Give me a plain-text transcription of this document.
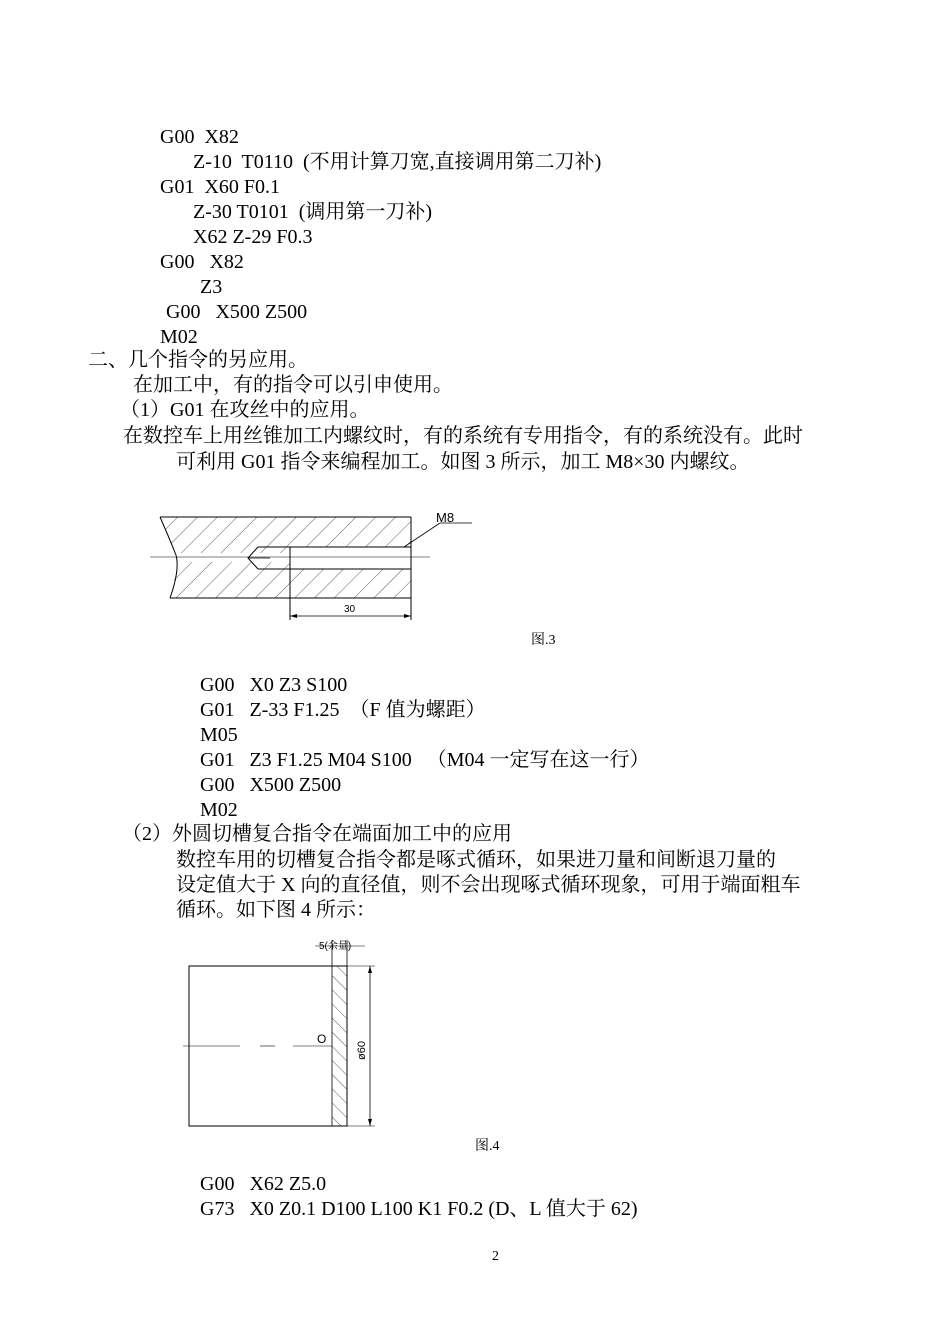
G00  X82
Z-10  T0110  (不用计算刀宽,直接调用第二刀补)
G01  X60 F0.1
Z-30 T0101  (调用第一刀补)
X62 Z-29 F0.3
G00   X82
Z3
G00   X500 Z500
M02
二、几个指令的另应用。
在加工中，有的指令可以引申使用。
（1）G01 在攻丝中的应用。
在数控车上用丝锥加工内螺纹时，有的系统有专用指令，有的系统没有。此时
可利用 G01 指令来编程加工。如图 3 所示，加工 M8×30 内螺纹。
30
M8
图.3
G00   X0 Z3 S100
G01   Z-33 F1.25  （F 值为螺距）
M05
G01   Z3 F1.25 M04 S100   （M04 一定写在这一行）
G00   X500 Z500
M02
（2）外圆切槽复合指令在端面加工中的应用
数控车用的切槽复合指令都是啄式循环，如果进刀量和间断退刀量的
设定值大于 X 向的直径值，则不会出现啄式循环现象，可用于端面粗车
循环。如下图 4 所示：
5(余量)
O
ø60
图.4
G00   X62 Z5.0
G73   X0 Z0.1 D100 L100 K1 F0.2 (D、L 值大于 62)
2
